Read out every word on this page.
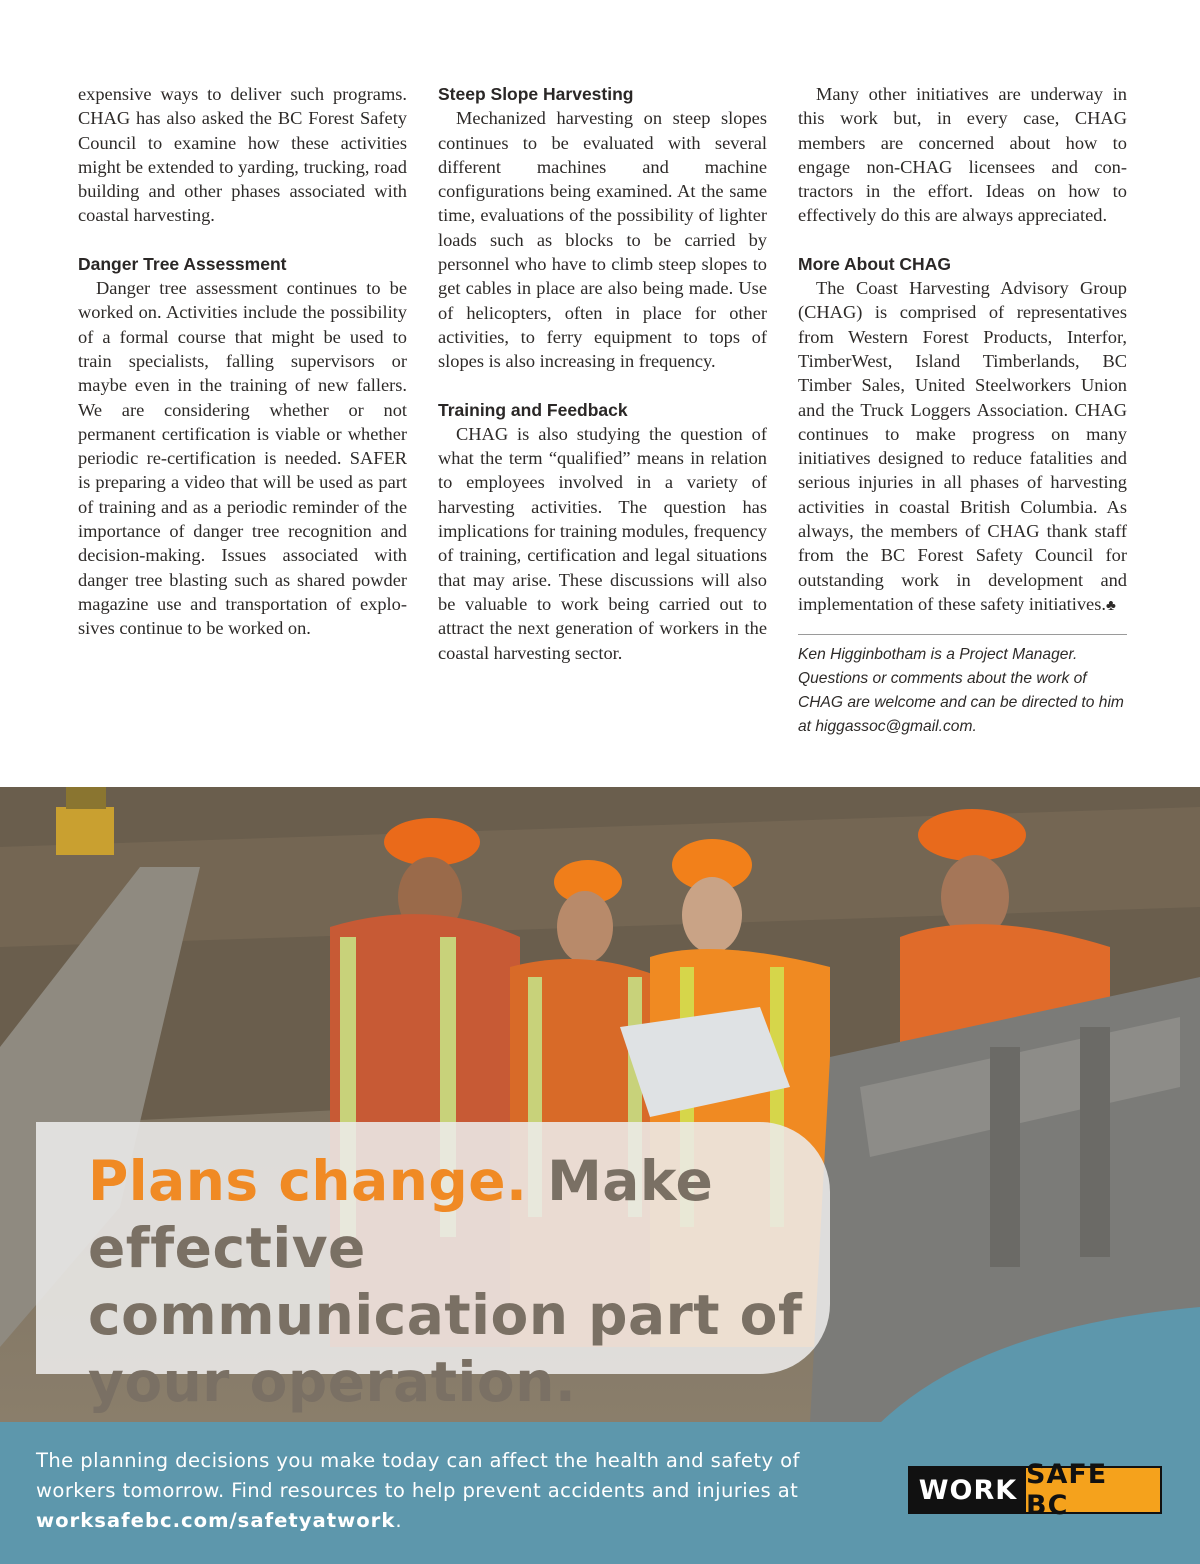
expensive ways to deliver such programs. CHAG has also asked the BC Forest Safety Council to examine how these activities might be extended to yarding, trucking, road building and other phases associated with coastal harvesting.

Danger Tree Assessment

Danger tree assessment continues to be worked on. Activities include the possibility of a formal course that might be used to train specialists, falling supervisors or maybe even in the training of new fallers. We are considering whether or not permanent certification is viable or whether periodic re-certification is needed. SAFER is preparing a video that will be used as part of training and as a periodic reminder of the importance of danger tree recognition and decision-making. Issues associated with danger tree blasting such as shared powder magazine use and transportation of explosives continue to be worked on.

Steep Slope Harvesting

Mechanized harvesting on steep slopes continues to be evaluated with several different machines and machine configurations being examined. At the same time, evaluations of the possibility of lighter loads such as blocks to be carried by personnel who have to climb steep slopes to get cables in place are also being made. Use of helicopters, often in place for other activities, to ferry equipment to tops of slopes is also increasing in frequency.

Training and Feedback

CHAG is also studying the question of what the term “qualified” means in relation to employees involved in a variety of harvesting activities. The question has implications for training modules, frequency of training, certification and legal situations that may arise. These discussions will also be valuable to work being carried out to attract the next generation of workers in the coastal harvesting sector.

Many other initiatives are underway in this work but, in every case, CHAG members are concerned about how to engage non-CHAG licensees and contractors in the effort. Ideas on how to effectively do this are always appreciated.

More About CHAG

The Coast Harvesting Advisory Group (CHAG) is comprised of representatives from Western Forest Products, Interfor, TimberWest, Island Timberlands, BC Timber Sales, United Steelworkers Union and the Truck Loggers Association. CHAG continues to make progress on many initiatives designed to reduce fatalities and serious injuries in all phases of harvesting activities in coastal British Columbia. As always, the members of CHAG thank staff from the BC Forest Safety Council for outstanding work in development and implementation of these safety initiatives.♣

Ken Higginbotham is a Project Manager. Questions or comments about the work of CHAG are welcome and can be directed to him at higgassoc@gmail.com.

Plans change. Make effective communication part of your operation.

The planning decisions you make today can affect the health and safety of workers tomorrow. Find resources to help prevent accidents and injuries at worksafebc.com/safetyatwork.

WORK SAFE BC
